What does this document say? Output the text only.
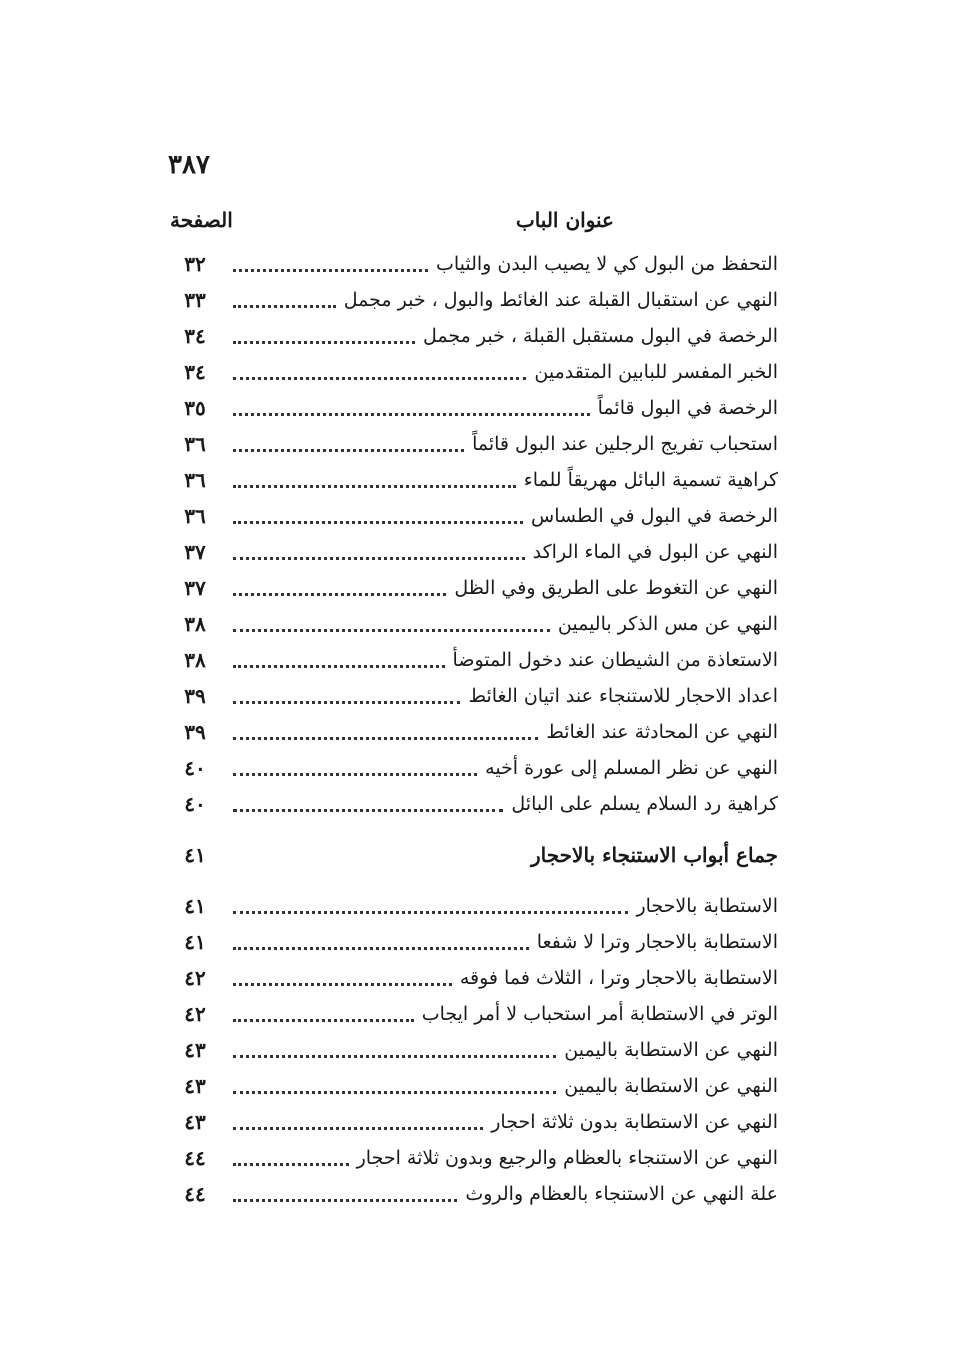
٣٨٧
الصفحة	عنوان الباب
٣٢	التحفظ من البول كي لا يصيب البدن والثياب
٣٣	النهي عن استقبال القبلة عند الغائط والبول ، خبر مجمل
٣٤	الرخصة في البول مستقبل القبلة ، خبر مجمل
٣٤	الخبر المفسر للبابين المتقدمين
٣٥	الرخصة في البول قائماً
٣٦	استحباب تفريج الرجلين عند البول قائماً
٣٦	كراهية تسمية البائل مهريقاً للماء
٣٦	الرخصة في البول في الطساس
٣٧	النهي عن البول في الماء الراكد
٣٧	النهي عن التغوط على الطريق وفي الظل
٣٨	النهي عن مس الذكر باليمين
٣٨	الاستعاذة من الشيطان عند دخول المتوضأ
٣٩	اعداد الاحجار للاستنجاء عند اتيان الغائط
٣٩	النهي عن المحادثة عند الغائط
٤٠	النهي عن نظر المسلم إلى عورة أخيه
٤٠	كراهية رد السلام يسلم على البائل
٤١	جماع أبواب الاستنجاء بالاحجار
٤١	الاستطابة بالاحجار
٤١	الاستطابة بالاحجار وترا لا شفعا
٤٢	الاستطابة بالاحجار وترا ، الثلاث فما فوقه
٤٢	الوتر في الاستطابة أمر استحباب لا أمر ايجاب
٤٣	النهي عن الاستطابة باليمين
٤٣	النهي عن الاستطابة باليمين
٤٣	النهي عن الاستطابة بدون ثلاثة احجار
٤٤	النهي عن الاستنجاء بالعظام والرجيع وبدون ثلاثة احجار
٤٤	علة النهي عن الاستنجاء بالعظام والروث
